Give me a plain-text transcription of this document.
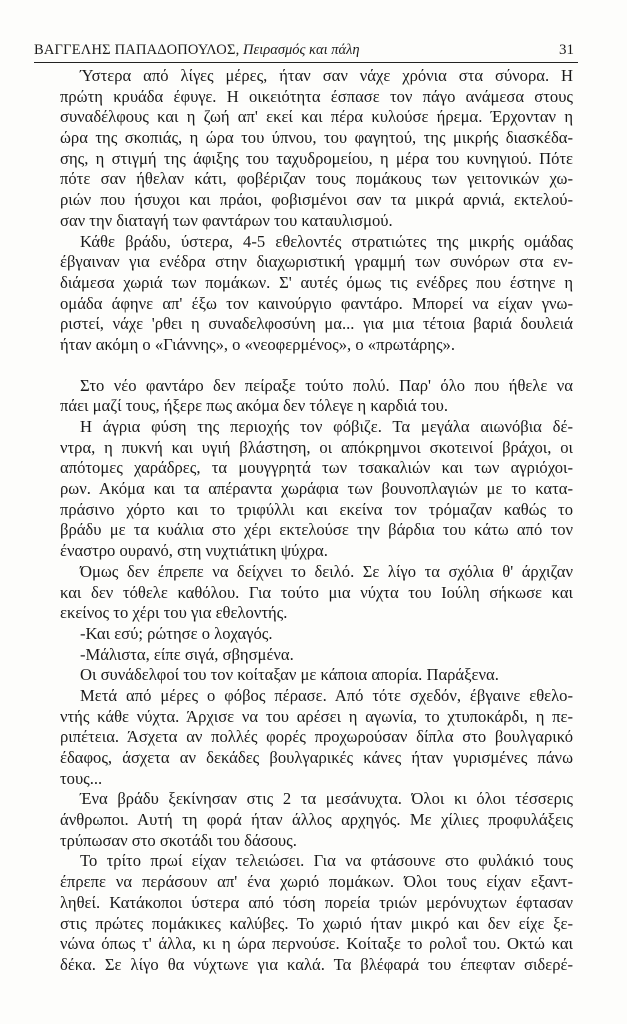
ΒΑΓΓΕΛΗΣ ΠΑΠΑΔΟΠΟΥΛΟΣ, Πειρασμός και πάλη	31
Ύστερα από λίγες μέρες, ήταν σαν νάχε χρόνια στα σύνορα. Η
πρώτη κρυάδα έφυγε. Η οικειότητα έσπασε τον πάγο ανάμεσα στους
συναδέλφους και η ζωή απ' εκεί και πέρα κυλούσε ήρεμα. Έρχονταν η
ώρα της σκοπιάς, η ώρα του ύπνου, του φαγητού, της μικρής διασκέδα-
σης, η στιγμή της άφιξης του ταχυδρομείου, η μέρα του κυνηγιού. Πότε
πότε σαν ήθελαν κάτι, φοβέριζαν τους πομάκους των γειτονικών χω-
ριών που ήσυχοι και πράοι, φοβισμένοι σαν τα μικρά αρνιά, εκτελού-
σαν την διαταγή των φαντάρων του καταυλισμού.
Κάθε βράδυ, ύστερα, 4-5 εθελοντές στρατιώτες της μικρής ομάδας
έβγαιναν για ενέδρα στην διαχωριστική γραμμή των συνόρων στα εν-
διάμεσα χωριά των πομάκων. Σ' αυτές όμως τις ενέδρες που έστηνε η
ομάδα άφηνε απ' έξω τον καινούργιο φαντάρο. Μπορεί να είχαν γνω-
ριστεί, νάχε 'ρθει η συναδελφοσύνη μα... για μια τέτοια βαριά δουλειά
ήταν ακόμη ο «Γιάννης», ο «νεοφερμένος», ο «πρωτάρης».
Στο νέο φαντάρο δεν πείραξε τούτο πολύ. Παρ' όλο που ήθελε να
πάει μαζί τους, ήξερε πως ακόμα δεν τόλεγε η καρδιά του.
Η άγρια φύση της περιοχής τον φόβιζε. Τα μεγάλα αιωνόβια δέ-
ντρα, η πυκνή και υγιή βλάστηση, οι απόκρημνοι σκοτεινοί βράχοι, οι
απότομες χαράδρες, τα μουγγρητά των τσακαλιών και των αγριόχοι-
ρων. Ακόμα και τα απέραντα χωράφια των βουνοπλαγιών με το κατα-
πράσινο χόρτο και το τριφύλλι και εκείνα τον τρόμαζαν καθώς το
βράδυ με τα κυάλια στο χέρι εκτελούσε την βάρδια του κάτω από τον
έναστρο ουρανό, στη νυχτιάτικη ψύχρα.
Όμως δεν έπρεπε να δείχνει το δειλό. Σε λίγο τα σχόλια θ' άρχιζαν
και δεν τόθελε καθόλου. Για τούτο μια νύχτα του Ιούλη σήκωσε και
εκείνος το χέρι του για εθελοντής.
-Και εσύ; ρώτησε ο λοχαγός.
-Μάλιστα, είπε σιγά, σβησμένα.
Οι συνάδελφοί του τον κοίταξαν με κάποια απορία. Παράξενα.
Μετά από μέρες ο φόβος πέρασε. Από τότε σχεδόν, έβγαινε εθελο-
ντής κάθε νύχτα. Άρχισε να του αρέσει η αγωνία, το χτυποκάρδι, η πε-
ριπέτεια. Άσχετα αν πολλές φορές προχωρούσαν δίπλα στο βουλγαρικό
έδαφος, άσχετα αν δεκάδες βουλγαρικές κάνες ήταν γυρισμένες πάνω
τους...
Ένα βράδυ ξεκίνησαν στις 2 τα μεσάνυχτα. Όλοι κι όλοι τέσσερις
άνθρωποι. Αυτή τη φορά ήταν άλλος αρχηγός. Με χίλιες προφυλάξεις
τρύπωσαν στο σκοτάδι του δάσους.
Το τρίτο πρωί είχαν τελειώσει. Για να φτάσουνε στο φυλάκιό τους
έπρεπε να περάσουν απ' ένα χωριό πομάκων. Όλοι τους είχαν εξαντ-
ληθεί. Κατάκοποι ύστερα από τόση πορεία τριών μερόνυχτων έφτασαν
στις πρώτες πομάκικες καλύβες. Το χωριό ήταν μικρό και δεν είχε ξε-
νώνα όπως τ' άλλα, κι η ώρα περνούσε. Κοίταξε το ρολοΐ του. Οκτώ και
δέκα. Σε λίγο θα νύχτωνε για καλά. Τα βλέφαρά του έπεφταν σιδερέ-
